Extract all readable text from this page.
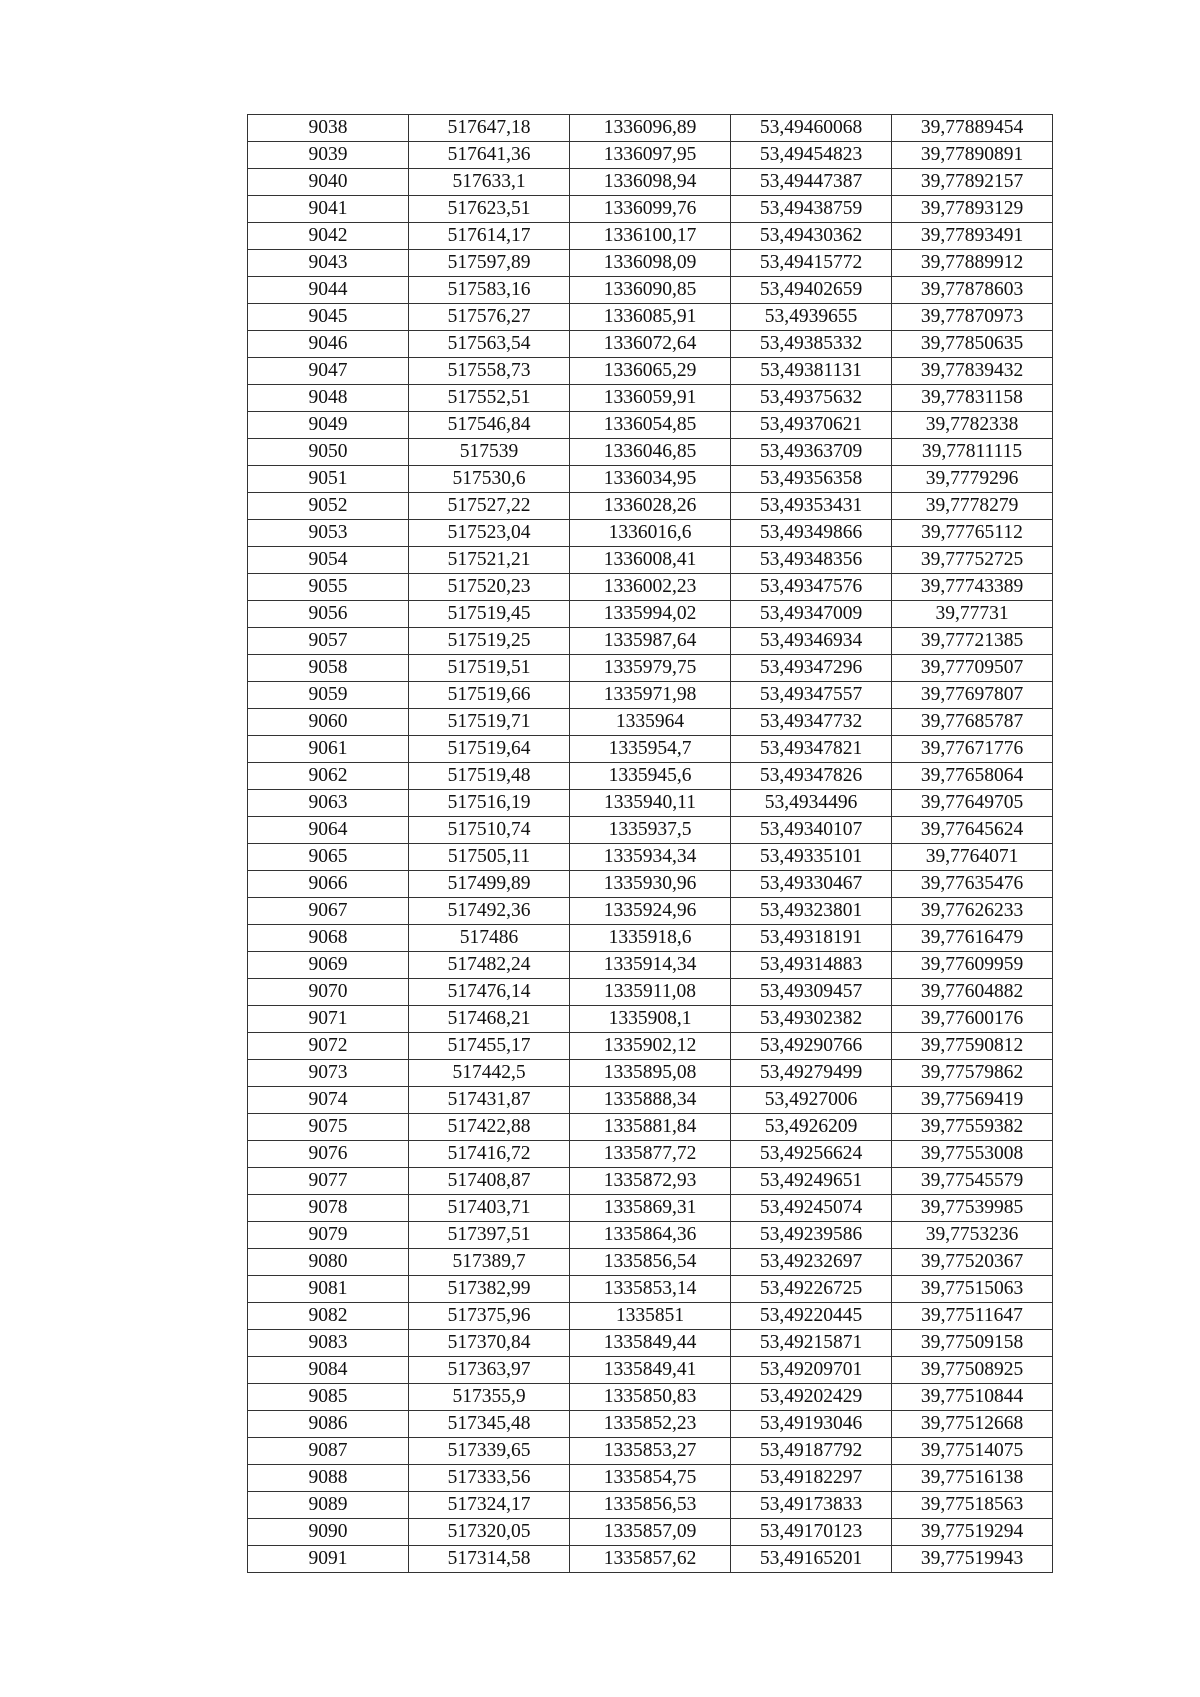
9038	517647,18	1336096,89	53,49460068	39,77889454
9039	517641,36	1336097,95	53,49454823	39,77890891
9040	517633,1	1336098,94	53,49447387	39,77892157
9041	517623,51	1336099,76	53,49438759	39,77893129
9042	517614,17	1336100,17	53,49430362	39,77893491
9043	517597,89	1336098,09	53,49415772	39,77889912
9044	517583,16	1336090,85	53,49402659	39,77878603
9045	517576,27	1336085,91	53,4939655	39,77870973
9046	517563,54	1336072,64	53,49385332	39,77850635
9047	517558,73	1336065,29	53,49381131	39,77839432
9048	517552,51	1336059,91	53,49375632	39,77831158
9049	517546,84	1336054,85	53,49370621	39,7782338
9050	517539	1336046,85	53,49363709	39,77811115
9051	517530,6	1336034,95	53,49356358	39,7779296
9052	517527,22	1336028,26	53,49353431	39,7778279
9053	517523,04	1336016,6	53,49349866	39,77765112
9054	517521,21	1336008,41	53,49348356	39,77752725
9055	517520,23	1336002,23	53,49347576	39,77743389
9056	517519,45	1335994,02	53,49347009	39,77731
9057	517519,25	1335987,64	53,49346934	39,77721385
9058	517519,51	1335979,75	53,49347296	39,77709507
9059	517519,66	1335971,98	53,49347557	39,77697807
9060	517519,71	1335964	53,49347732	39,77685787
9061	517519,64	1335954,7	53,49347821	39,77671776
9062	517519,48	1335945,6	53,49347826	39,77658064
9063	517516,19	1335940,11	53,4934496	39,77649705
9064	517510,74	1335937,5	53,49340107	39,77645624
9065	517505,11	1335934,34	53,49335101	39,7764071
9066	517499,89	1335930,96	53,49330467	39,77635476
9067	517492,36	1335924,96	53,49323801	39,77626233
9068	517486	1335918,6	53,49318191	39,77616479
9069	517482,24	1335914,34	53,49314883	39,77609959
9070	517476,14	1335911,08	53,49309457	39,77604882
9071	517468,21	1335908,1	53,49302382	39,77600176
9072	517455,17	1335902,12	53,49290766	39,77590812
9073	517442,5	1335895,08	53,49279499	39,77579862
9074	517431,87	1335888,34	53,4927006	39,77569419
9075	517422,88	1335881,84	53,4926209	39,77559382
9076	517416,72	1335877,72	53,49256624	39,77553008
9077	517408,87	1335872,93	53,49249651	39,77545579
9078	517403,71	1335869,31	53,49245074	39,77539985
9079	517397,51	1335864,36	53,49239586	39,7753236
9080	517389,7	1335856,54	53,49232697	39,77520367
9081	517382,99	1335853,14	53,49226725	39,77515063
9082	517375,96	1335851	53,49220445	39,77511647
9083	517370,84	1335849,44	53,49215871	39,77509158
9084	517363,97	1335849,41	53,49209701	39,77508925
9085	517355,9	1335850,83	53,49202429	39,77510844
9086	517345,48	1335852,23	53,49193046	39,77512668
9087	517339,65	1335853,27	53,49187792	39,77514075
9088	517333,56	1335854,75	53,49182297	39,77516138
9089	517324,17	1335856,53	53,49173833	39,77518563
9090	517320,05	1335857,09	53,49170123	39,77519294
9091	517314,58	1335857,62	53,49165201	39,77519943
